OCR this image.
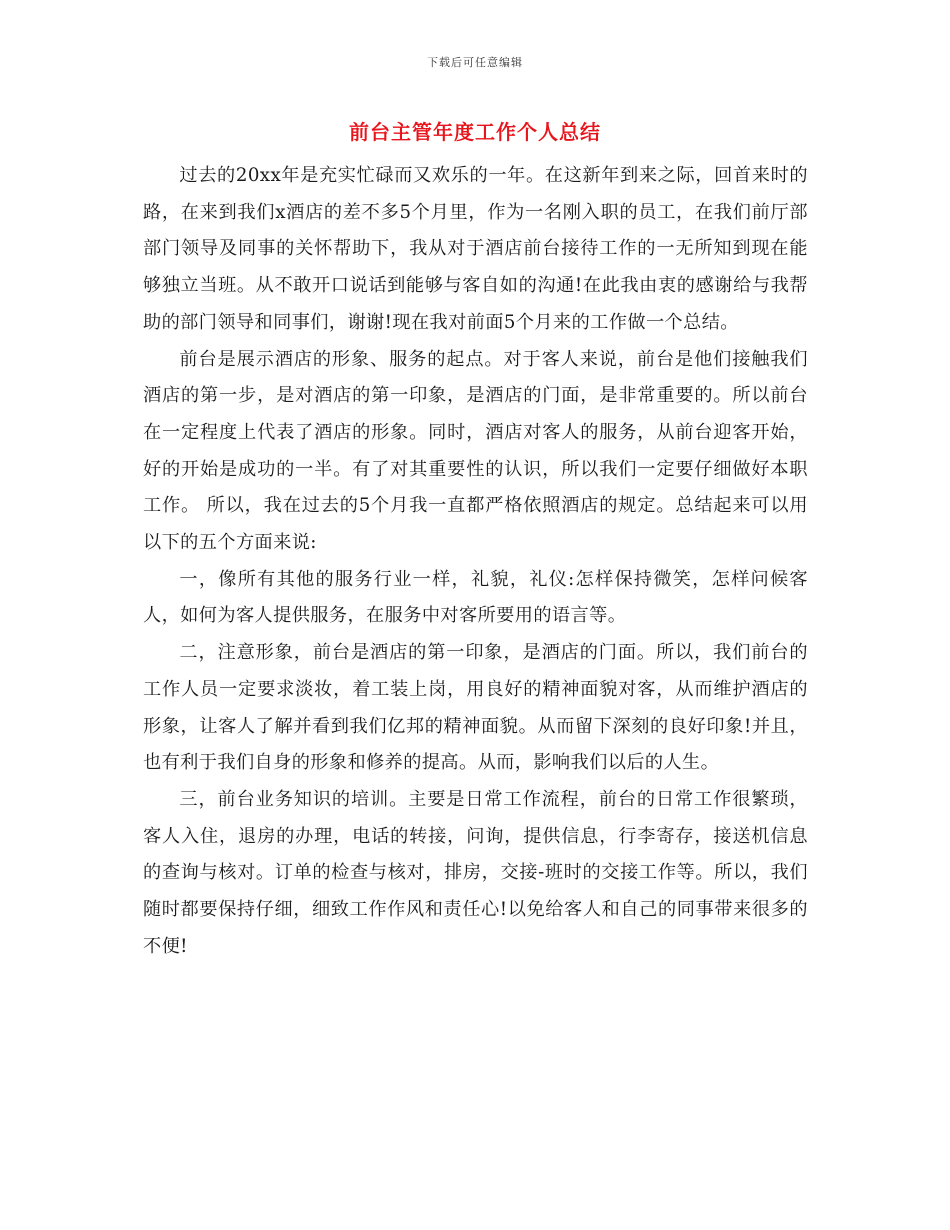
下载后可任意编辑
前台主管年度工作个人总结

过去的20xx年是充实忙碌而又欢乐的一年。在这新年到来之际，回首来时的路，在来到我们x酒店的差不多5个月里，作为一名刚入职的员工，在我们前厅部部门领导及同事的关怀帮助下，我从对于酒店前台接待工作的一无所知到现在能够独立当班。从不敢开口说话到能够与客自如的沟通!在此我由衷的感谢给与我帮助的部门领导和同事们，谢谢!现在我对前面5个月来的工作做一个总结。

前台是展示酒店的形象、服务的起点。对于客人来说，前台是他们接触我们酒店的第一步，是对酒店的第一印象，是酒店的门面，是非常重要的。所以前台在一定程度上代表了酒店的形象。同时，酒店对客人的服务，从前台迎客开始，好的开始是成功的一半。有了对其重要性的认识，所以我们一定要仔细做好本职工作。 所以，我在过去的5个月我一直都严格依照酒店的规定。总结起来可以用以下的五个方面来说:

一，像所有其他的服务行业一样，礼貌，礼仪:怎样保持微笑，怎样问候客人，如何为客人提供服务，在服务中对客所要用的语言等。

二，注意形象，前台是酒店的第一印象，是酒店的门面。所以，我们前台的工作人员一定要求淡妆，着工装上岗，用良好的精神面貌对客，从而维护酒店的形象，让客人了解并看到我们亿邦的精神面貌。从而留下深刻的良好印象!并且，也有利于我们自身的形象和修养的提高。从而，影响我们以后的人生。

三，前台业务知识的培训。主要是日常工作流程，前台的日常工作很繁琐，客人入住，退房的办理，电话的转接，问询，提供信息，行李寄存，接送机信息的查询与核对。订单的检查与核对，排房，交接-班时的交接工作等。所以，我们随时都要保持仔细，细致工作作风和责任心!以免给客人和自己的同事带来很多的不便!
